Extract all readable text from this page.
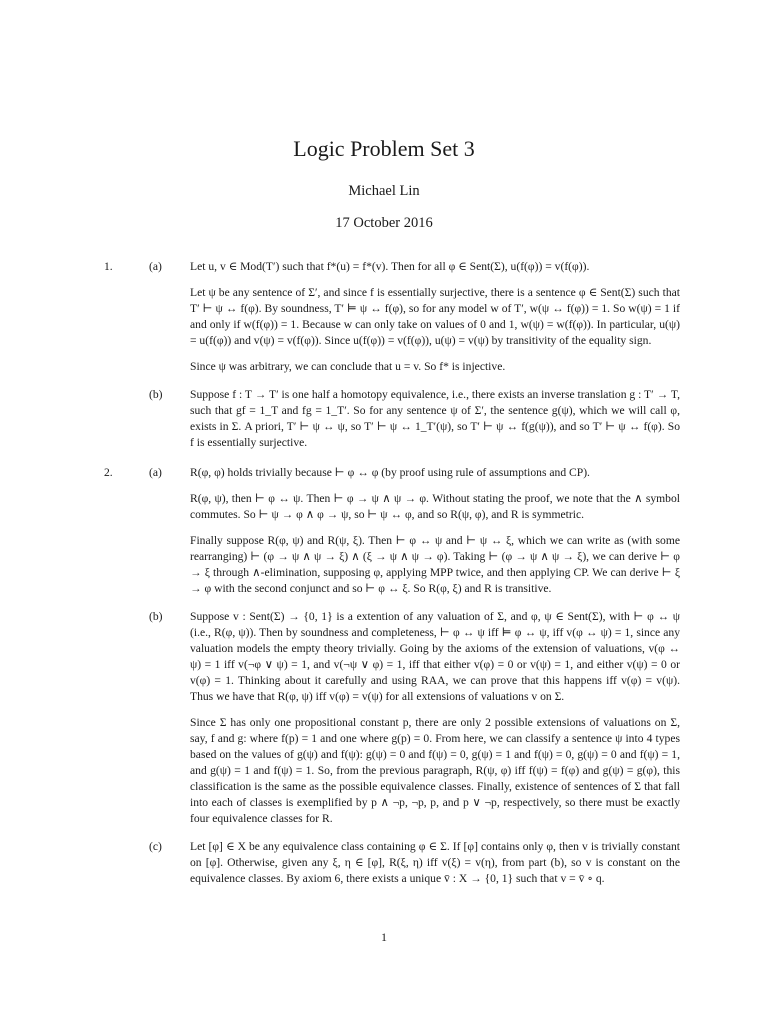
Logic Problem Set 3
Michael Lin
17 October 2016
1.	(a) Let u, v ∈ Mod(T′) such that f*(u) = f*(v). Then for all φ ∈ Sent(Σ), u(f(φ)) = v(f(φ)).

Let ψ be any sentence of Σ′, and since f is essentially surjective, there is a sentence φ ∈ Sent(Σ) such that T′ ⊢ ψ ↔ f(φ). By soundness, T′ ⊨ ψ ↔ f(φ), so for any model w of T′, w(ψ ↔ f(φ)) = 1. So w(ψ) = 1 if and only if w(f(φ)) = 1. Because w can only take on values of 0 and 1, w(ψ) = w(f(φ)). In particular, u(ψ) = u(f(φ)) and v(ψ) = v(f(φ)). Since u(f(φ)) = v(f(φ)), u(ψ) = v(ψ) by transitivity of the equality sign.

Since ψ was arbitrary, we can conclude that u = v. So f* is injective.

(b) Suppose f : T → T′ is one half a homotopy equivalence, i.e., there exists an inverse translation g : T′ → T, such that gf = 1_T and fg = 1_T′. So for any sentence ψ of Σ′, the sentence g(ψ), which we will call φ, exists in Σ. A priori, T′ ⊢ ψ ↔ ψ, so T′ ⊢ ψ ↔ 1_T′(ψ), so T′ ⊢ ψ ↔ f(g(ψ)), and so T′ ⊢ ψ ↔ f(φ). So f is essentially surjective.

2.	(a) R(φ, φ) holds trivially because ⊢ φ ↔ φ (by proof using rule of assumptions and CP).

R(φ, ψ), then ⊢ φ ↔ ψ. Then ⊢ φ → ψ ∧ ψ → φ. Without stating the proof, we note that the ∧ symbol commutes. So ⊢ ψ → φ ∧ φ → ψ, so ⊢ ψ ↔ φ, and so R(ψ, φ), and R is symmetric.

Finally suppose R(φ, ψ) and R(ψ, ξ). Then ⊢ φ ↔ ψ and ⊢ ψ ↔ ξ, which we can write as (with some rearranging) ⊢ (φ → ψ ∧ ψ → ξ) ∧ (ξ → ψ ∧ ψ → φ). Taking ⊢ (φ → ψ ∧ ψ → ξ), we can derive ⊢ φ → ξ through ∧-elimination, supposing φ, applying MPP twice, and then applying CP. We can derive ⊢ ξ → φ with the second conjunct and so ⊢ φ ↔ ξ. So R(φ, ξ) and R is transitive.

(b) Suppose v : Sent(Σ) → {0, 1} is a extention of any valuation of Σ, and φ, ψ ∈ Sent(Σ), with ⊢ φ ↔ ψ (i.e., R(φ, ψ)). Then by soundness and completeness, ⊢ φ ↔ ψ iff ⊨ φ ↔ ψ, iff v(φ ↔ ψ) = 1, since any valuation models the empty theory trivially. Going by the axioms of the extension of valuations, v(φ ↔ ψ) = 1 iff v(¬φ ∨ ψ) = 1, and v(¬ψ ∨ φ) = 1, iff that either v(φ) = 0 or v(ψ) = 1, and either v(ψ) = 0 or v(φ) = 1. Thinking about it carefully and using RAA, we can prove that this happens iff v(φ) = v(ψ). Thus we have that R(φ, ψ) iff v(φ) = v(ψ) for all extensions of valuations v on Σ.

Since Σ has only one propositional constant p, there are only 2 possible extensions of valuations on Σ, say, f and g: where f(p) = 1 and one where g(p) = 0. From here, we can classify a sentence ψ into 4 types based on the values of g(ψ) and f(ψ): g(ψ) = 0 and f(ψ) = 0, g(ψ) = 1 and f(ψ) = 0, g(ψ) = 0 and f(ψ) = 1, and g(ψ) = 1 and f(ψ) = 1. So, from the previous paragraph, R(ψ, φ) iff f(ψ) = f(φ) and g(ψ) = g(φ), this classification is the same as the possible equivalence classes. Finally, existence of sentences of Σ that fall into each of classes is exemplified by p ∧ ¬p, ¬p, p, and p ∨ ¬p, respectively, so there must be exactly four equivalence classes for R.

(c) Let [φ] ∈ X be any equivalence class containing φ ∈ Σ. If [φ] contains only φ, then v is trivially constant on [φ]. Otherwise, given any ξ, η ∈ [φ], R(ξ, η) iff v(ξ) = v(η), from part (b), so v is constant on the equivalence classes. By axiom 6, there exists a unique v̄ : X → {0, 1} such that v = v̄ ∘ q.

1
